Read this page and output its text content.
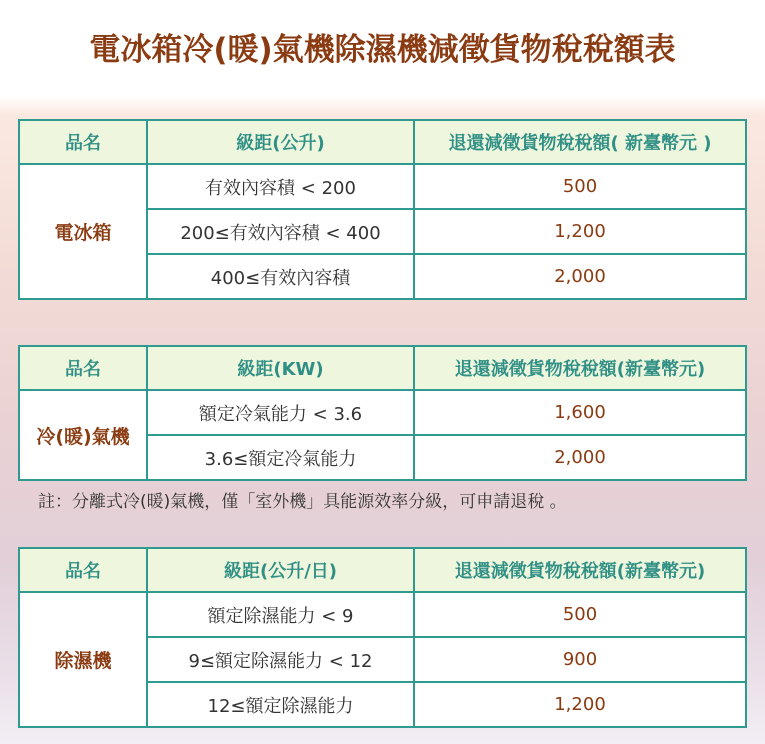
電冰箱冷(暖)氣機除濕機減徵貨物稅稅額表
品名	級距(公升)	退還減徵貨物稅稅額( 新臺幣元 )
電冰箱	有效內容積 < 200	500
	200≤有效內容積 < 400	1,200
	400≤有效內容積	2,000
品名	級距(KW)	退還減徵貨物稅稅額(新臺幣元)
冷(暖)氣機	額定冷氣能力 < 3.6	1,600
	3.6≤額定冷氣能力	2,000
註：分離式冷(暖)氣機，僅「室外機」具能源效率分級，可申請退稅 。
品名	級距(公升/日)	退還減徵貨物稅稅額(新臺幣元)
除濕機	額定除濕能力 < 9	500
	9≤額定除濕能力 < 12	900
	12≤額定除濕能力	1,200
